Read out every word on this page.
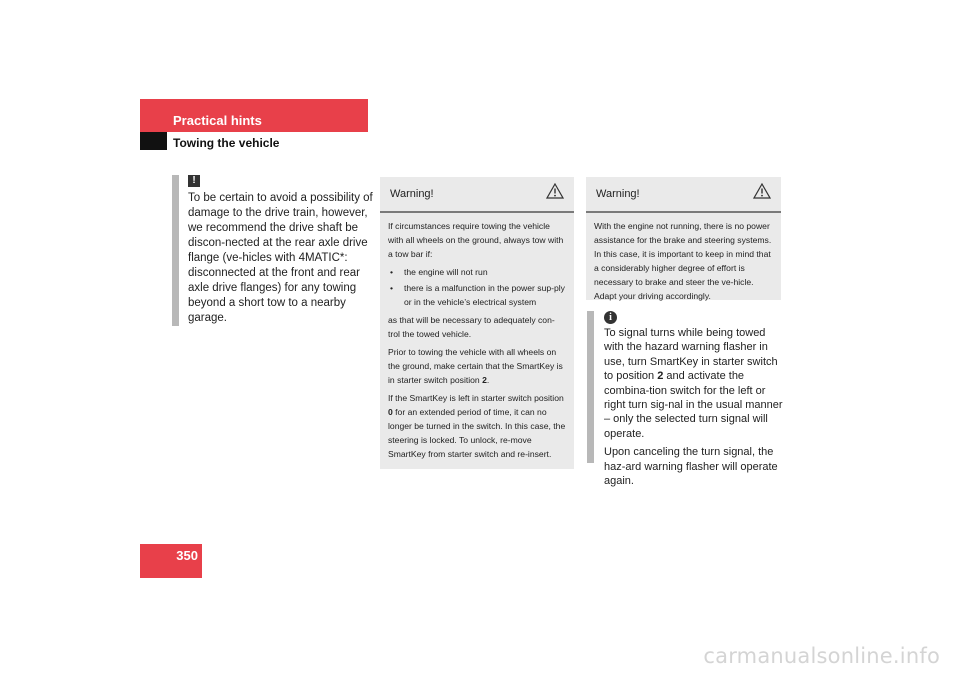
Practical hints
Towing the vehicle
!
To be certain to avoid a possibility of damage to the drive train, however, we recommend the drive shaft be discon-nected at the rear axle drive flange (ve-hicles with 4MATIC*: disconnected at the front and rear axle drive flanges) for any towing beyond a short tow to a nearby garage.
Warning!

If circumstances require towing the vehicle with all wheels on the ground, always tow with a tow bar if:

• the engine will not run
• there is a malfunction in the power sup-ply or in the vehicle’s electrical system

as that will be necessary to adequately con-trol the towed vehicle.

Prior to towing the vehicle with all wheels on the ground, make certain that the SmartKey is in starter switch position 2.

If the SmartKey is left in starter switch position 0 for an extended period of time, it can no longer be turned in the switch. In this case, the steering is locked. To unlock, re-move SmartKey from starter switch and re-insert.

Warning!

With the engine not running, there is no power assistance for the brake and steering systems. In this case, it is important to keep in mind that a considerably higher degree of effort is necessary to brake and steer the ve-hicle. Adapt your driving accordingly.

i

To signal turns while being towed with the hazard warning flasher in use, turn SmartKey in starter switch to position 2 and activate the combina-tion switch for the left or right turn sig-nal in the usual manner – only the selected turn signal will operate.

Upon canceling the turn signal, the haz-ard warning flasher will operate again.

350
carmanualsonline.info
